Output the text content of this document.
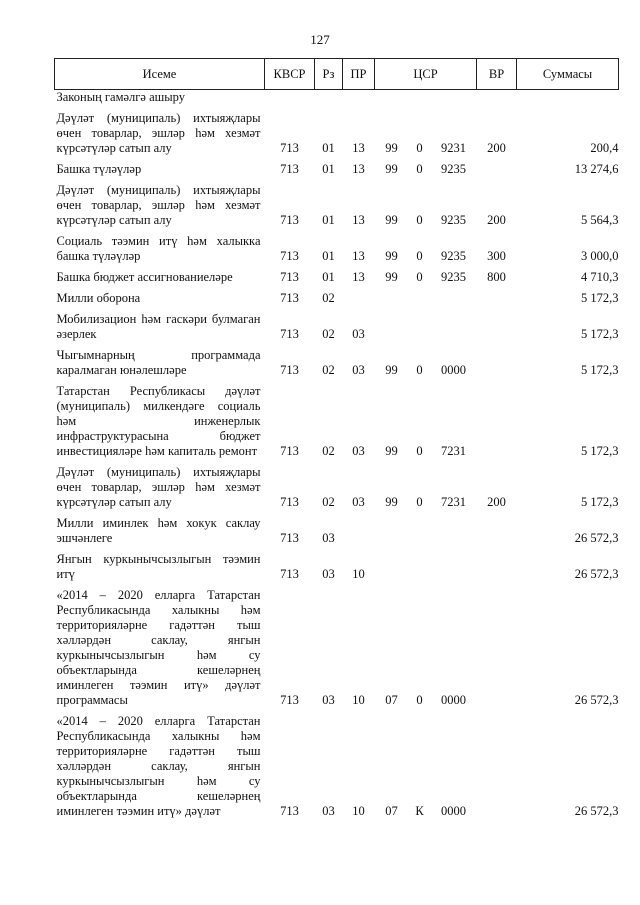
127
Исеме	КВСР	Рз	ПР	ЦСР			ВР	Суммасы
Законың гамәлгә ашыру								
Дәүләт (муниципаль) ихтыяҗлары өчен товарлар, эшләр һәм хезмәт күрсәтүләр сатып алу	713	01	13	99	0	9231	200	200,4
Башка түләүләр	713	01	13	99	0	9235		13 274,6
Дәүләт (муниципаль) ихтыяҗлары өчен товарлар, эшләр һәм хезмәт күрсәтүләр сатып алу	713	01	13	99	0	9235	200	5 564,3
Социаль тәэмин итү һәм халыкка башка түләүләр	713	01	13	99	0	9235	300	3 000,0
Башка бюджет ассигнованиеләре	713	01	13	99	0	9235	800	4 710,3
Милли оборона	713	02						5 172,3
Мобилизацион һәм гаскәри булмаган әзерлек	713	02	03					5 172,3
Чыгымнарның программада каралмаган юнәлешләре	713	02	03	99	0	0000		5 172,3
Татарстан Республикасы дәүләт (муниципаль) милкендәге социаль һәм инженерлык инфраструктурасына бюджет инвестицияләре һәм капиталь ремонт	713	02	03	99	0	7231		5 172,3
Дәүләт (муниципаль) ихтыяҗлары өчен товарлар, эшләр һәм хезмәт күрсәтүләр сатып алу	713	02	03	99	0	7231	200	5 172,3
Милли иминлек һәм хокук саклау эшчәнлеге	713	03						26 572,3
Янгын куркынычсызлыгын тәэмин итү	713	03	10					26 572,3
«2014 – 2020 елларга Татарстан Республикасында халыкны һәм территорияләрне гадәттән тыш хәлләрдән саклау, янгын куркынычсызлыгын һәм су объектларында кешеләрнең иминлеген тәэмин итү» дәүләт программасы	713	03	10	07	0	0000		26 572,3
«2014 – 2020 елларга Татарстан Республикасында халыкны һәм территорияләрне гадәттән тыш хәлләрдән саклау, янгын куркынычсызлыгын һәм су объектларында кешеләрнең иминлеген тәэмин итү» дәүләт	713	03	10	07	К	0000		26 572,3
